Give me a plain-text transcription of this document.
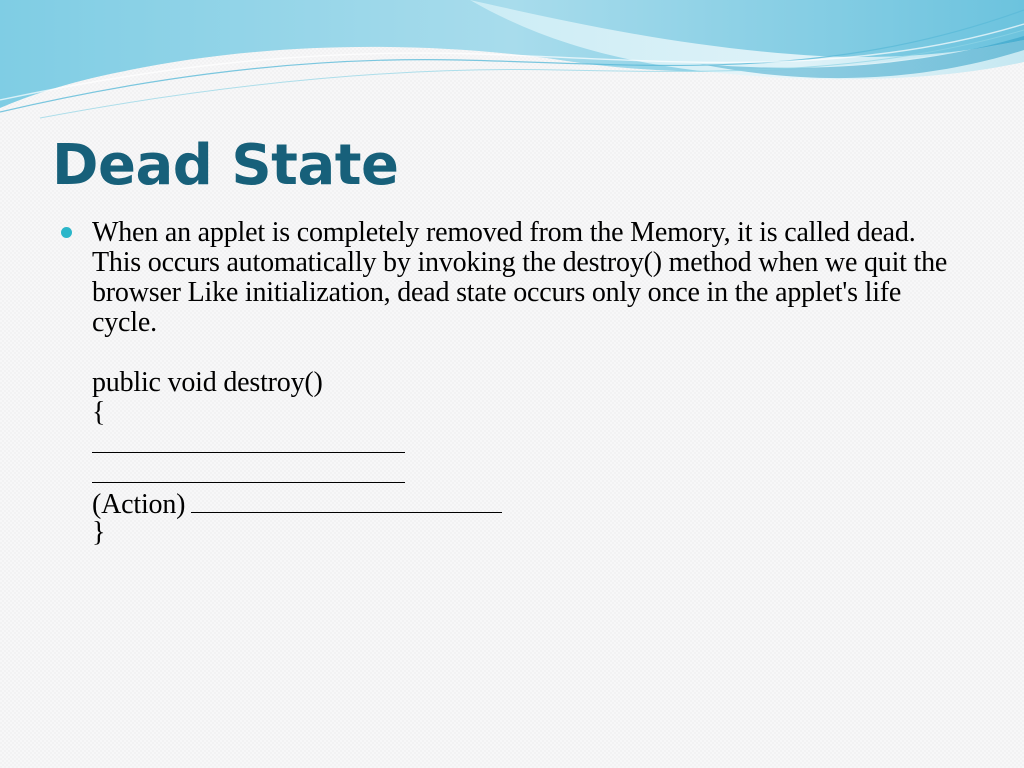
Dead State

When an applet is completely removed from the Memory, it is called dead. This occurs automatically by invoking the destroy() method when we quit the browser Like initialization, dead state occurs only once in the applet's life cycle.

public void destroy()
{
(Action)
}
